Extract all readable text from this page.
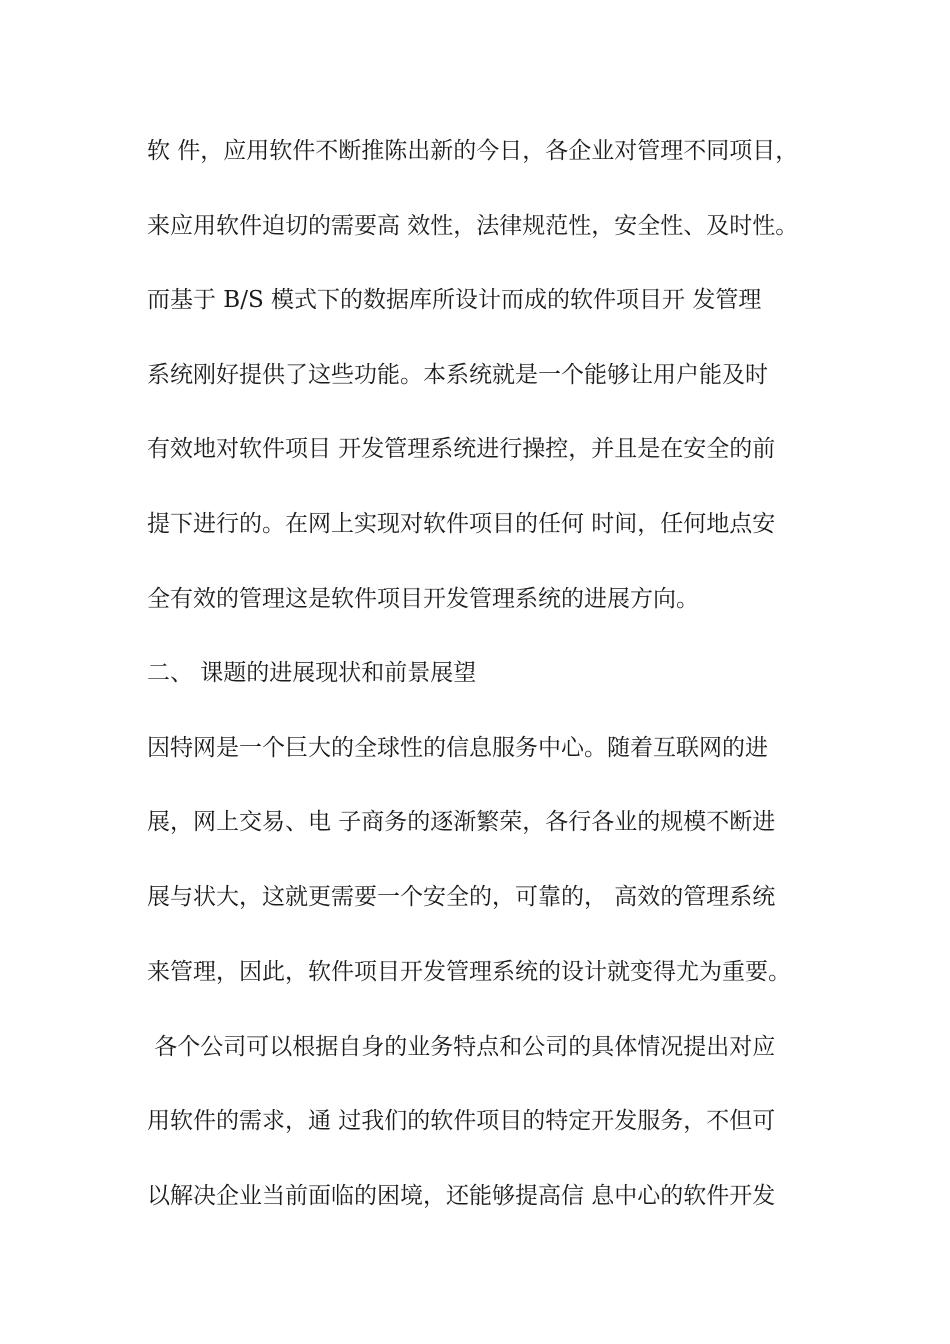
软 件，应用软件不断推陈出新的今日，各企业对管理不同项目，

来应用软件迫切的需要高 效性，法律规范性，安全性、及时性。

而基于 B/S 模式下的数据库所设计而成的软件项目开 发管理

系统刚好提供了这些功能。本系统就是一个能够让用户能及时

有效地对软件项目 开发管理系统进行操控，并且是在安全的前

提下进行的。在网上实现对软件项目的任何 时间，任何地点安

全有效的管理这是软件项目开发管理系统的进展方向。

二、 课题的进展现状和前景展望

因特网是一个巨大的全球性的信息服务中心。随着互联网的进

展，网上交易、电 子商务的逐渐繁荣，各行各业的规模不断进

展与状大，这就更需要一个安全的，可靠的， 高效的管理系统

来管理，因此，软件项目开发管理系统的设计就变得尤为重要。

各个公司可以根据自身的业务特点和公司的具体情况提出对应

用软件的需求，通 过我们的软件项目的特定开发服务，不但可

以解决企业当前面临的困境，还能够提高信 息中心的软件开发
